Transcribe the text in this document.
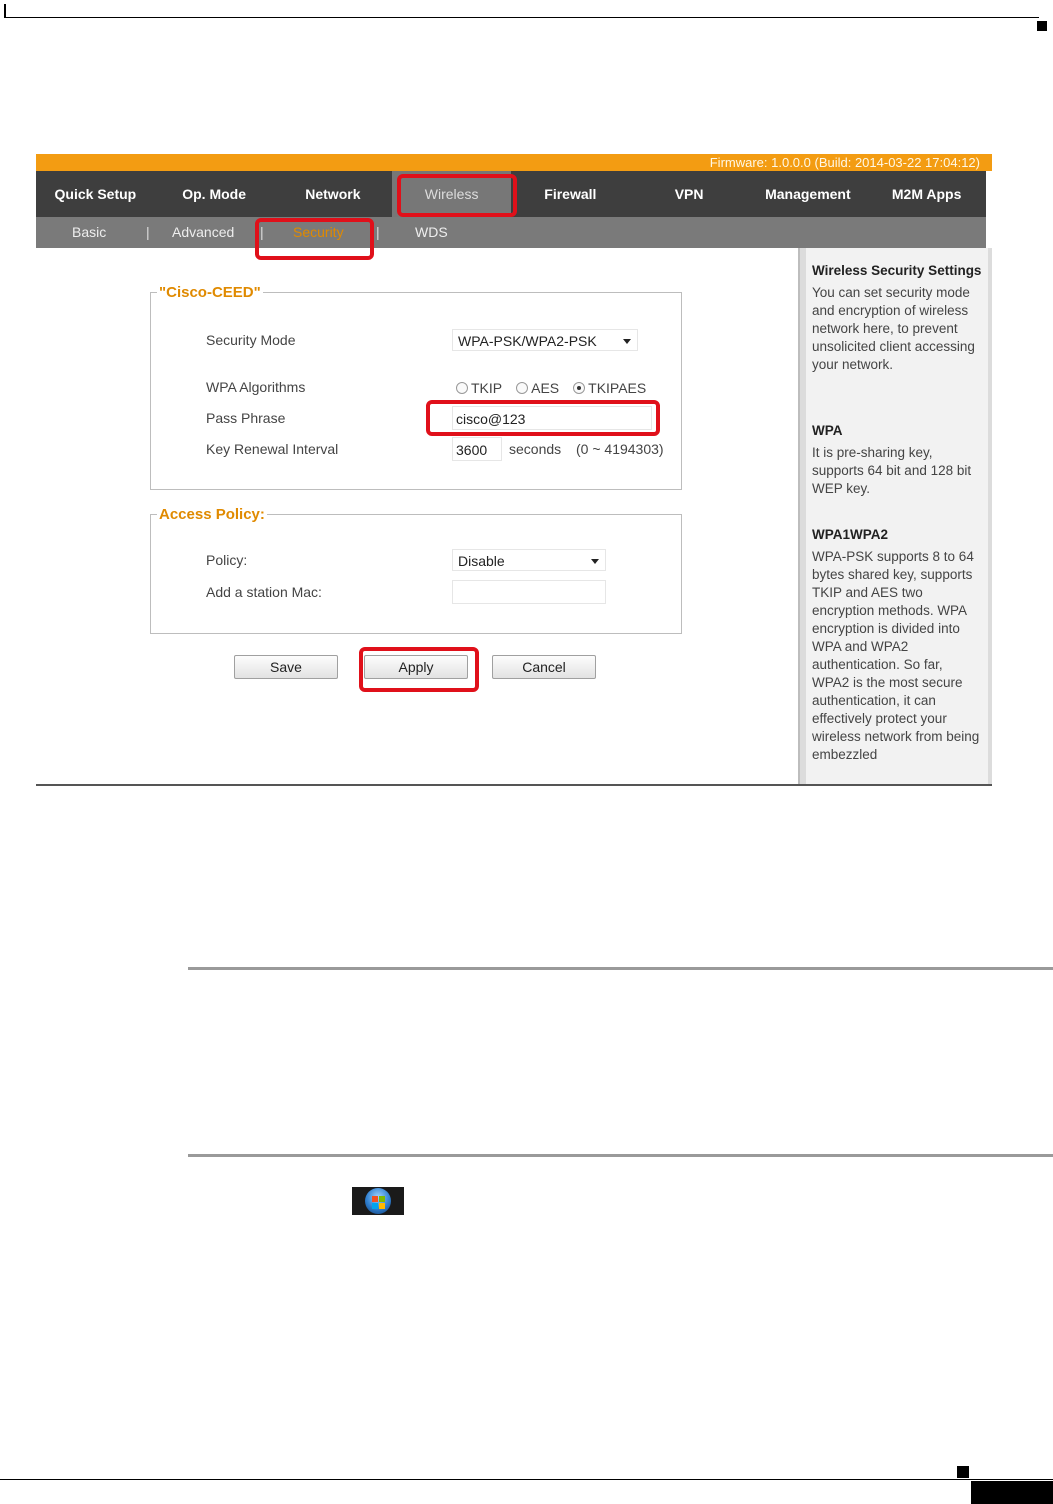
Firmware: 1.0.0.0 (Build: 2014-03-22 17:04:12)
Quick Setup	Op. Mode	Network	Wireless	Firewall	VPN	Management	M2M Apps
Basic	| Advanced | Security |	WDS
"Cisco-CEED"
Security Mode	WPA-PSK/WPA2-PSK
WPA Algorithms	TKIP AES TKIPAES
Pass Phrase	cisco@123
Key Renewal Interval	3600	seconds (0 ~ 4194303)
Access Policy:
Policy:	Disable
Add a station Mac:
Save	Apply	Cancel
Wireless Security Settings
You can set security mode and encryption of wireless network here, to prevent unsolicited client accessing your network.
WPA
It is pre-sharing key, supports 64 bit and 128 bit WEP key.
WPA1WPA2
WPA-PSK supports 8 to 64 bytes shared key, supports TKIP and AES two encryption methods. WPA encryption is divided into WPA and WPA2 authentication. So far, WPA2 is the most secure authentication, it can effectively protect your wireless network from being embezzled
